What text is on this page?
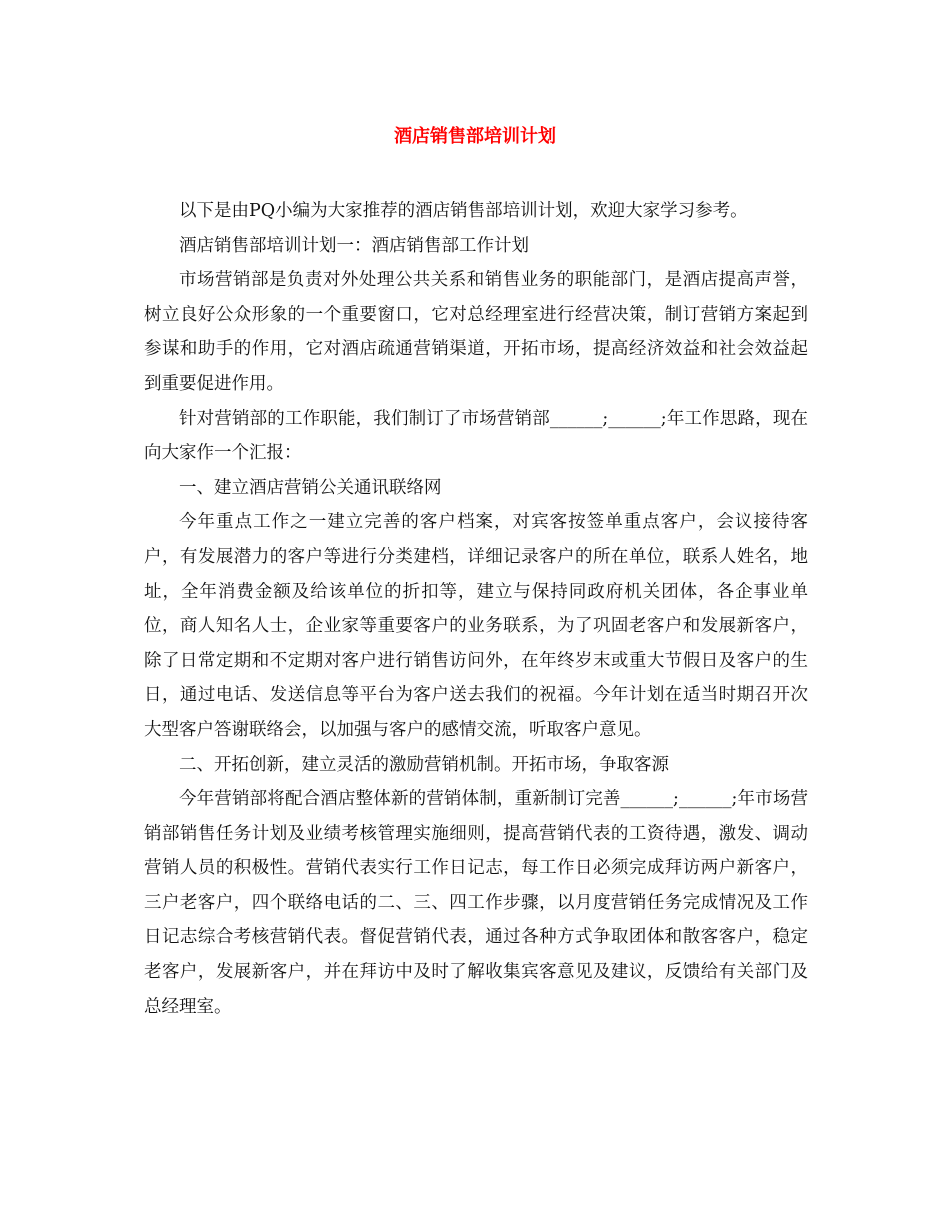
酒店销售部培训计划

以下是由PQ小编为大家推荐的酒店销售部培训计划，欢迎大家学习参考。

酒店销售部培训计划一：酒店销售部工作计划

市场营销部是负责对外处理公共关系和销售业务的职能部门，是酒店提高声誉，树立良好公众形象的一个重要窗口，它对总经理室进行经营决策，制订营销方案起到参谋和助手的作用，它对酒店疏通营销渠道，开拓市场，提高经济效益和社会效益起到重要促进作用。

针对营销部的工作职能，我们制订了市场营销部______;______;年工作思路，现在向大家作一个汇报：

一、建立酒店营销公关通讯联络网

今年重点工作之一建立完善的客户档案，对宾客按签单重点客户，会议接待客户，有发展潜力的客户等进行分类建档，详细记录客户的所在单位，联系人姓名，地址，全年消费金额及给该单位的折扣等，建立与保持同政府机关团体，各企事业单位，商人知名人士，企业家等重要客户的业务联系，为了巩固老客户和发展新客户，除了日常定期和不定期对客户进行销售访问外，在年终岁末或重大节假日及客户的生日，通过电话、发送信息等平台为客户送去我们的祝福。今年计划在适当时期召开次大型客户答谢联络会，以加强与客户的感情交流，听取客户意见。

二、开拓创新，建立灵活的激励营销机制。开拓市场，争取客源

今年营销部将配合酒店整体新的营销体制，重新制订完善______;______;年市场营销部销售任务计划及业绩考核管理实施细则，提高营销代表的工资待遇，激发、调动营销人员的积极性。营销代表实行工作日记志，每工作日必须完成拜访两户新客户，三户老客户，四个联络电话的二、三、四工作步骤，以月度营销任务完成情况及工作日记志综合考核营销代表。督促营销代表，通过各种方式争取团体和散客客户，稳定老客户，发展新客户，并在拜访中及时了解收集宾客意见及建议，反馈给有关部门及总经理室。
